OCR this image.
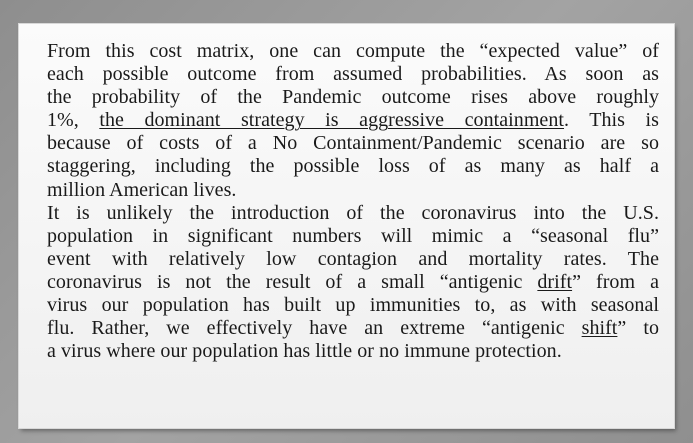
From this cost matrix, one can compute the “expected value” of
each possible outcome from assumed probabilities. As soon as
the probability of the Pandemic outcome rises above roughly
1%, the dominant strategy is aggressive containment. This is
because of costs of a No Containment/Pandemic scenario are so
staggering, including the possible loss of as many as half a
million American lives.
It is unlikely the introduction of the coronavirus into the U.S.
population in significant numbers will mimic a “seasonal flu”
event with relatively low contagion and mortality rates. The
coronavirus is not the result of a small “antigenic drift” from a
virus our population has built up immunities to, as with seasonal
flu. Rather, we effectively have an extreme “antigenic shift” to
a virus where our population has little or no immune protection.
